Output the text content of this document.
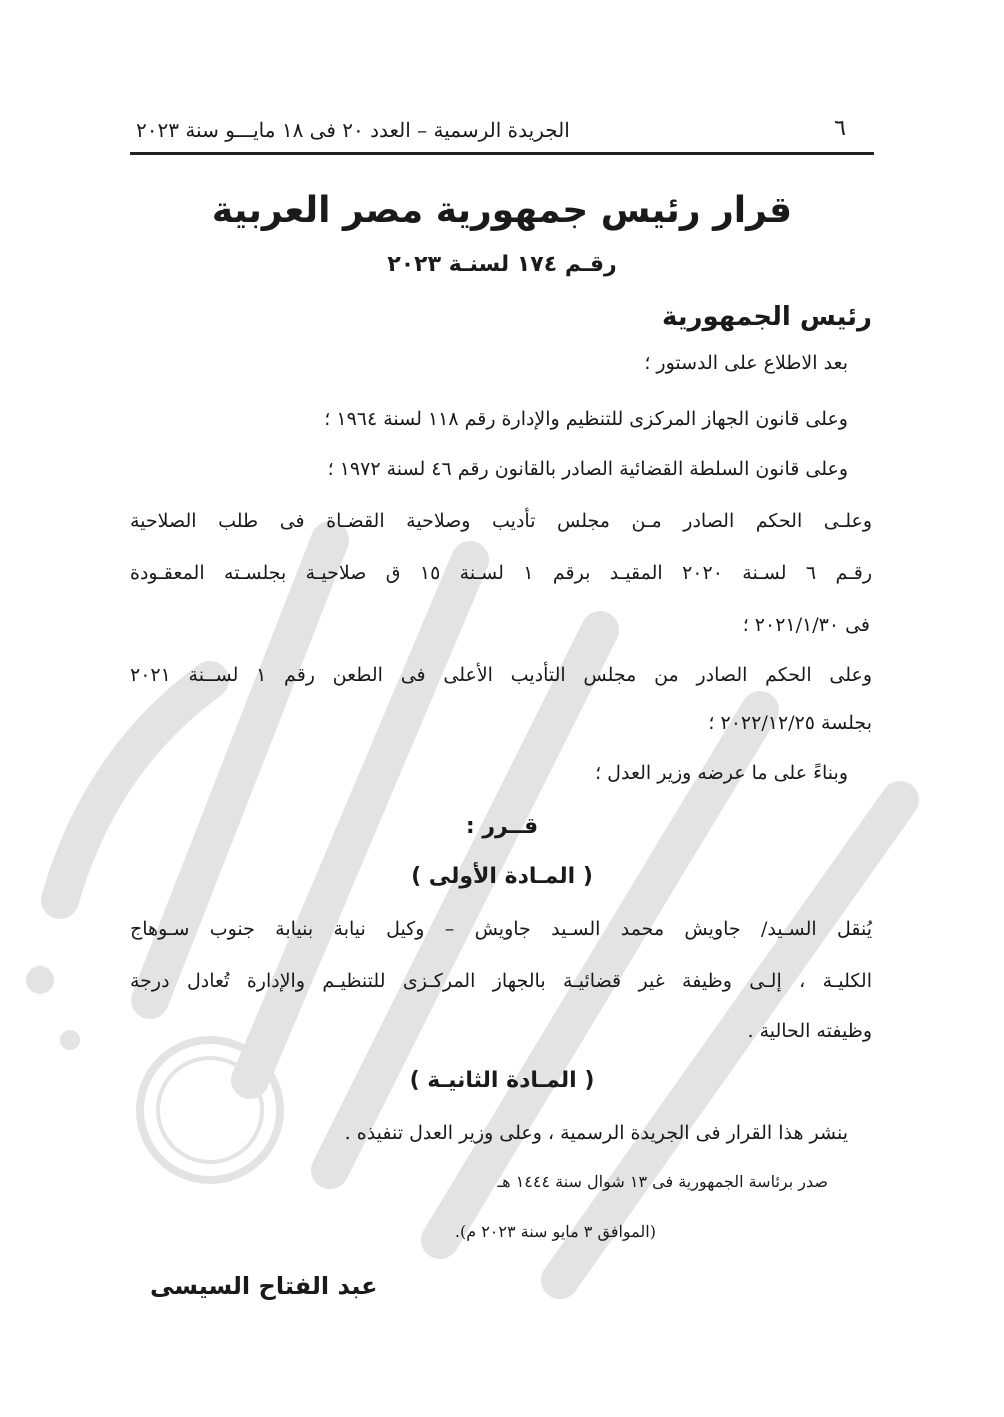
٦
الجريدة الرسمية – العدد ٢٠ فى ١٨ مايـــو سنة ٢٠٢٣
قرار رئيس جمهورية مصر العربية
رقـم ١٧٤ لسنـة ٢٠٢٣
رئيس الجمهورية
بعد الاطلاع على الدستور ؛
وعلى قانون الجهاز المركزى للتنظيم والإدارة رقم ١١٨ لسنة ١٩٦٤ ؛
وعلى قانون السلطة القضائية الصادر بالقانون رقم ٤٦ لسنة ١٩٧٢ ؛
وعلـى الحكم الصادر مـن مجلس تأديب وصلاحية القضـاة فى طلب الصلاحية
رقـم ٦ لسـنة ٢٠٢٠ المقيـد برقم ١ لسـنة ١٥ ق صلاحيـة بجلسـته المعقـودة
فى ٢٠٢١/١/٣٠ ؛
وعلى الحكم الصادر من مجلس التأديب الأعلى فى الطعن رقم ١ لســنة ٢٠٢١
بجلسة ٢٠٢٢/١٢/٢٥ ؛
وبناءً على ما عرضه وزير العدل ؛
قــرر :
( المـادة الأولى )
يُنقل السـيد/ جاويش محمد السـيد جاويش – وكيل نيابة بنيابة جنوب سـوهاج
الكليـة ، إلـى وظيفة غير قضائيـة بالجهاز المركـزى للتنظيـم والإدارة تُعادل درجة
وظيفته الحالية .
( المـادة الثانيـة )
ينشر هذا القرار فى الجريدة الرسمية ، وعلى وزير العدل تنفيذه .
صدر برئاسة الجمهورية فى ١٣ شوال سنة ١٤٤٤ هـ
(الموافق ٣ مايو سنة ٢٠٢٣ م).
عبد الفتاح السيسى
